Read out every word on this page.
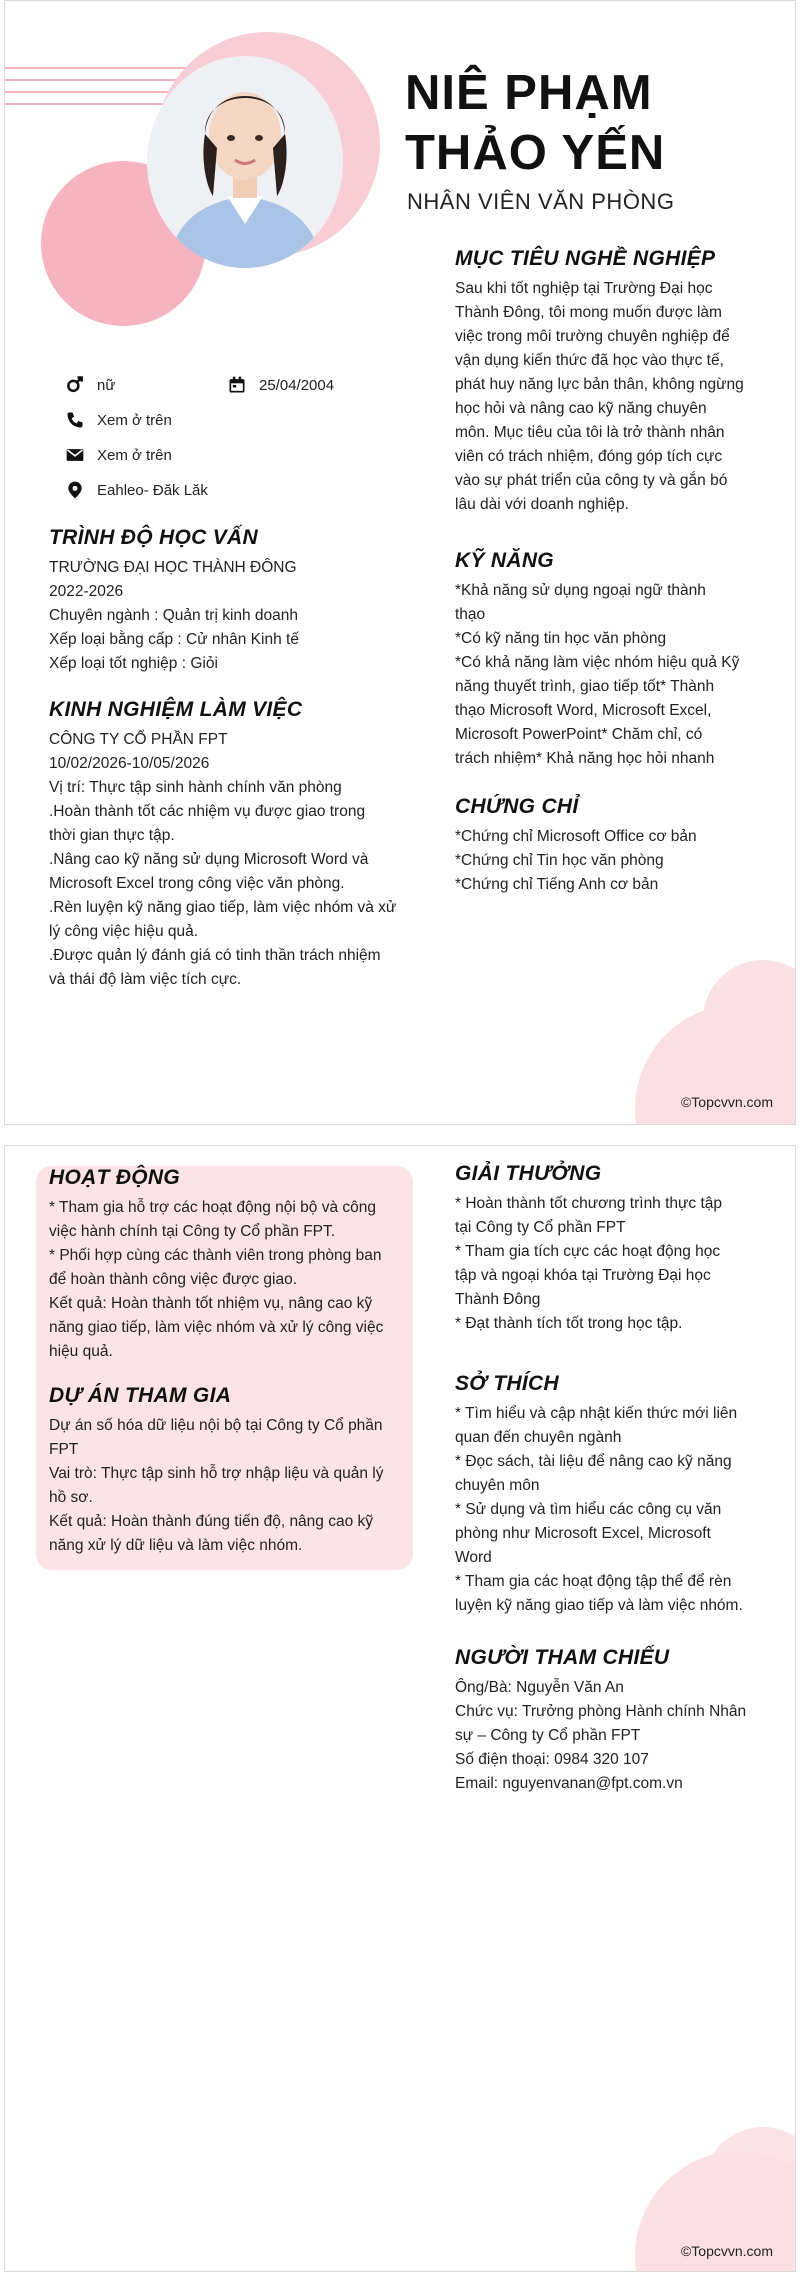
NIÊ PHẠM
THẢO YẾN
NHÂN VIÊN VĂN PHÒNG
nữ	25/04/2004
Xem ở trên
Xem ở trên
Eahleo- Đăk Lăk
MỤC TIÊU NGHỀ NGHIỆP

Sau khi tốt nghiệp tại Trường Đại học

Thành Đông, tôi mong muốn được làm

việc trong môi trường chuyên nghiệp để

vận dụng kiến thức đã học vào thực tế,

phát huy năng lực bản thân, không ngừng

học hỏi và nâng cao kỹ năng chuyên

môn. Mục tiêu của tôi là trở thành nhân

viên có trách nhiệm, đóng góp tích cực

vào sự phát triển của công ty và gắn bó

lâu dài với doanh nghiệp.

TRÌNH ĐỘ HỌC VẤN

TRƯỜNG ĐẠI HỌC THÀNH ĐÔNG

2022-2026

Chuyên ngành : Quản trị kinh doanh

Xếp loại bằng cấp : Cử nhân Kinh tế

Xếp loại tốt nghiệp : Giỏi

KỸ NĂNG

*Khả năng sử dụng ngoại ngữ thành

thạo

*Có kỹ năng tin học văn phòng

*Có khả năng làm việc nhóm hiệu quả Kỹ

năng thuyết trình, giao tiếp tốt* Thành

thạo Microsoft Word, Microsoft Excel,

Microsoft PowerPoint* Chăm chỉ, có

trách nhiệm* Khả năng học hỏi nhanh

KINH NGHIỆM LÀM VIỆC

CÔNG TY CỔ PHẦN FPT

10/02/2026-10/05/2026

Vị trí: Thực tập sinh hành chính văn phòng

.Hoàn thành tốt các nhiệm vụ được giao trong

thời gian thực tập.

.Nâng cao kỹ năng sử dụng Microsoft Word và

Microsoft Excel trong công việc văn phòng.

.Rèn luyện kỹ năng giao tiếp, làm việc nhóm và xử

lý công việc hiệu quả.

.Được quản lý đánh giá có tinh thần trách nhiệm

và thái độ làm việc tích cực.

CHỨNG CHỈ

*Chứng chỉ Microsoft Office cơ bản

*Chứng chỉ Tin học văn phòng

*Chứng chỉ Tiếng Anh cơ bản

©Topcvvn.com
HOẠT ĐỘNG

* Tham gia hỗ trợ các hoạt động nội bộ và công

việc hành chính tại Công ty Cổ phần FPT.

* Phối hợp cùng các thành viên trong phòng ban

để hoàn thành công việc được giao.

Kết quả: Hoàn thành tốt nhiệm vụ, nâng cao kỹ

năng giao tiếp, làm việc nhóm và xử lý công việc

hiệu quả.

DỰ ÁN THAM GIA

Dự án số hóa dữ liệu nội bộ tại Công ty Cổ phần

FPT

Vai trò: Thực tập sinh hỗ trợ nhập liệu và quản lý

hồ sơ.

Kết quả: Hoàn thành đúng tiến độ, nâng cao kỹ

năng xử lý dữ liệu và làm việc nhóm.

GIẢI THƯỞNG

* Hoàn thành tốt chương trình thực tập

tại Công ty Cổ phần FPT

* Tham gia tích cực các hoạt động học

tập và ngoại khóa tại Trường Đại học

Thành Đông

* Đạt thành tích tốt trong học tập.

SỞ THÍCH

* Tìm hiểu và cập nhật kiến thức mới liên

quan đến chuyên ngành

* Đọc sách, tài liệu để nâng cao kỹ năng

chuyên môn

* Sử dụng và tìm hiểu các công cụ văn

phòng như Microsoft Excel, Microsoft

Word

* Tham gia các hoạt động tập thể để rèn

luyện kỹ năng giao tiếp và làm việc nhóm.

NGƯỜI THAM CHIẾU

Ông/Bà: Nguyễn Văn An

Chức vụ: Trưởng phòng Hành chính Nhân

sự – Công ty Cổ phần FPT

Số điện thoại: 0984 320 107

Email: nguyenvanan@fpt.com.vn

©Topcvvn.com
